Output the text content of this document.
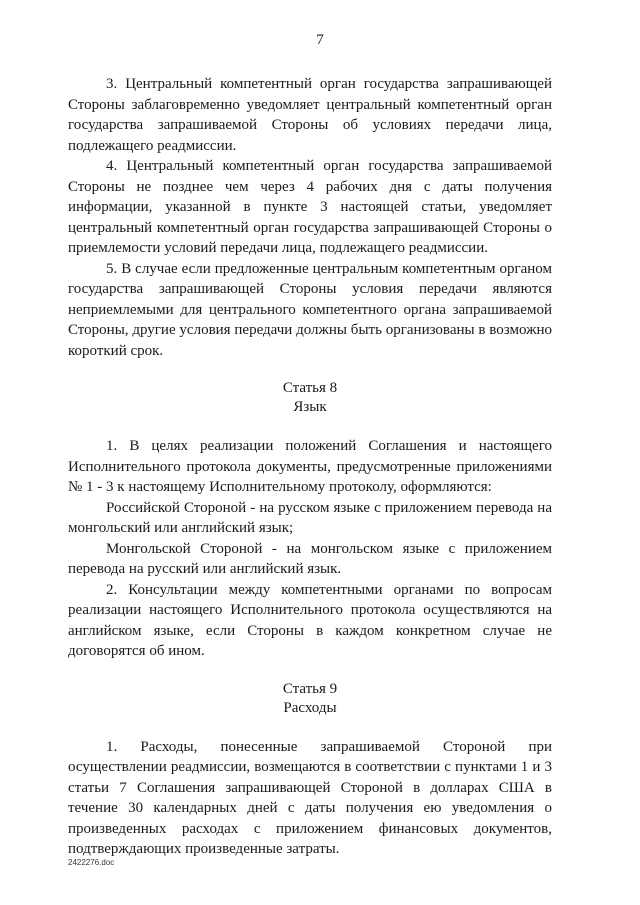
7

3. Центральный компетентный орган государства запрашивающей Стороны заблаговременно уведомляет центральный компетентный орган государства запрашиваемой Стороны об условиях передачи лица, подлежащего реадмиссии.

4. Центральный компетентный орган государства запрашиваемой Стороны не позднее чем через 4 рабочих дня с даты получения информации, указанной в пункте 3 настоящей статьи, уведомляет центральный компетентный орган государства запрашивающей Стороны о приемлемости условий передачи лица, подлежащего реадмиссии.

5. В случае если предложенные центральным компетентным органом государства запрашивающей Стороны условия передачи являются неприемлемыми для центрального компетентного органа запрашиваемой Стороны, другие условия передачи должны быть организованы в возможно короткий срок.

Статья 8
Язык

1. В целях реализации положений Соглашения и настоящего Исполнительного протокола документы, предусмотренные приложениями № 1 - 3 к настоящему Исполнительному протоколу, оформляются:

Российской Стороной - на русском языке с приложением перевода на монгольский или английский язык;

Монгольской Стороной - на монгольском языке с приложением перевода на русский или английский язык.

2. Консультации между компетентными органами по вопросам реализации настоящего Исполнительного протокола осуществляются на английском языке, если Стороны в каждом конкретном случае не договорятся об ином.

Статья 9
Расходы

1. Расходы, понесенные запрашиваемой Стороной при осуществлении реадмиссии, возмещаются в соответствии с пунктами 1 и 3 статьи 7 Соглашения запрашивающей Стороной в долларах США в течение 30 календарных дней с даты получения ею уведомления о произведенных расходах с приложением финансовых документов, подтверждающих произведенные затраты.

2422276.doc
